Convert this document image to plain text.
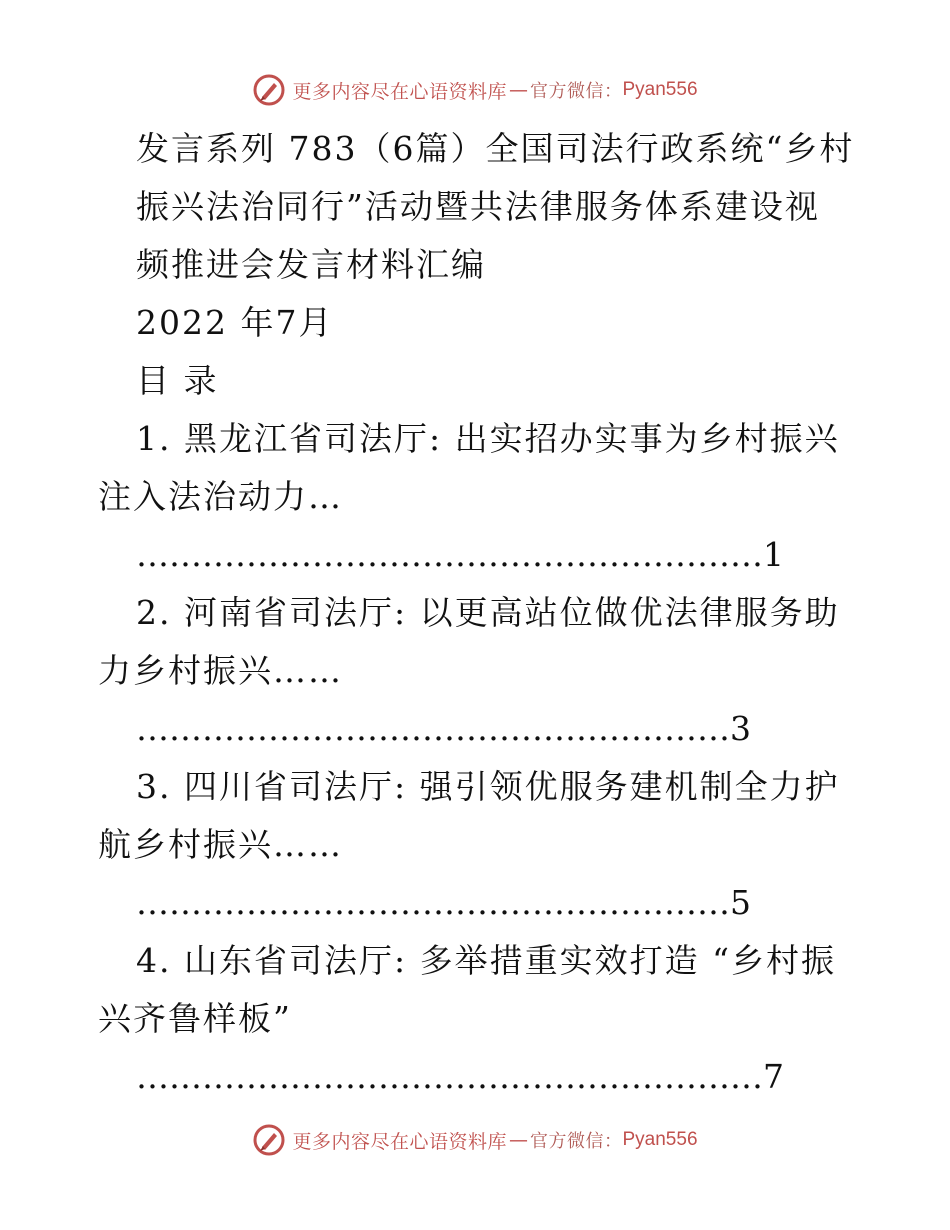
更多内容尽在心语资料库 — 官方微信： Pyan556
发言系列 783（6篇）全国司法行政系统“乡村
振兴法治同行”活动暨共法律服务体系建设视
频推进会发言材料汇编
2022 年7月
目 录
1. 黑龙江省司法厅: 出实招办实事为乡村振兴
注入法治动力…
…………………………………………………1
2. 河南省司法厅: 以更高站位做优法律服务助
力乡村振兴……
………………………………………………3
3. 四川省司法厅: 强引领优服务建机制全力护
航乡村振兴……
………………………………………………5
4. 山东省司法厅: 多举措重实效打造 “乡村振
兴齐鲁样板”
…………………………………………………7
更多内容尽在心语资料库 — 官方微信： Pyan556
